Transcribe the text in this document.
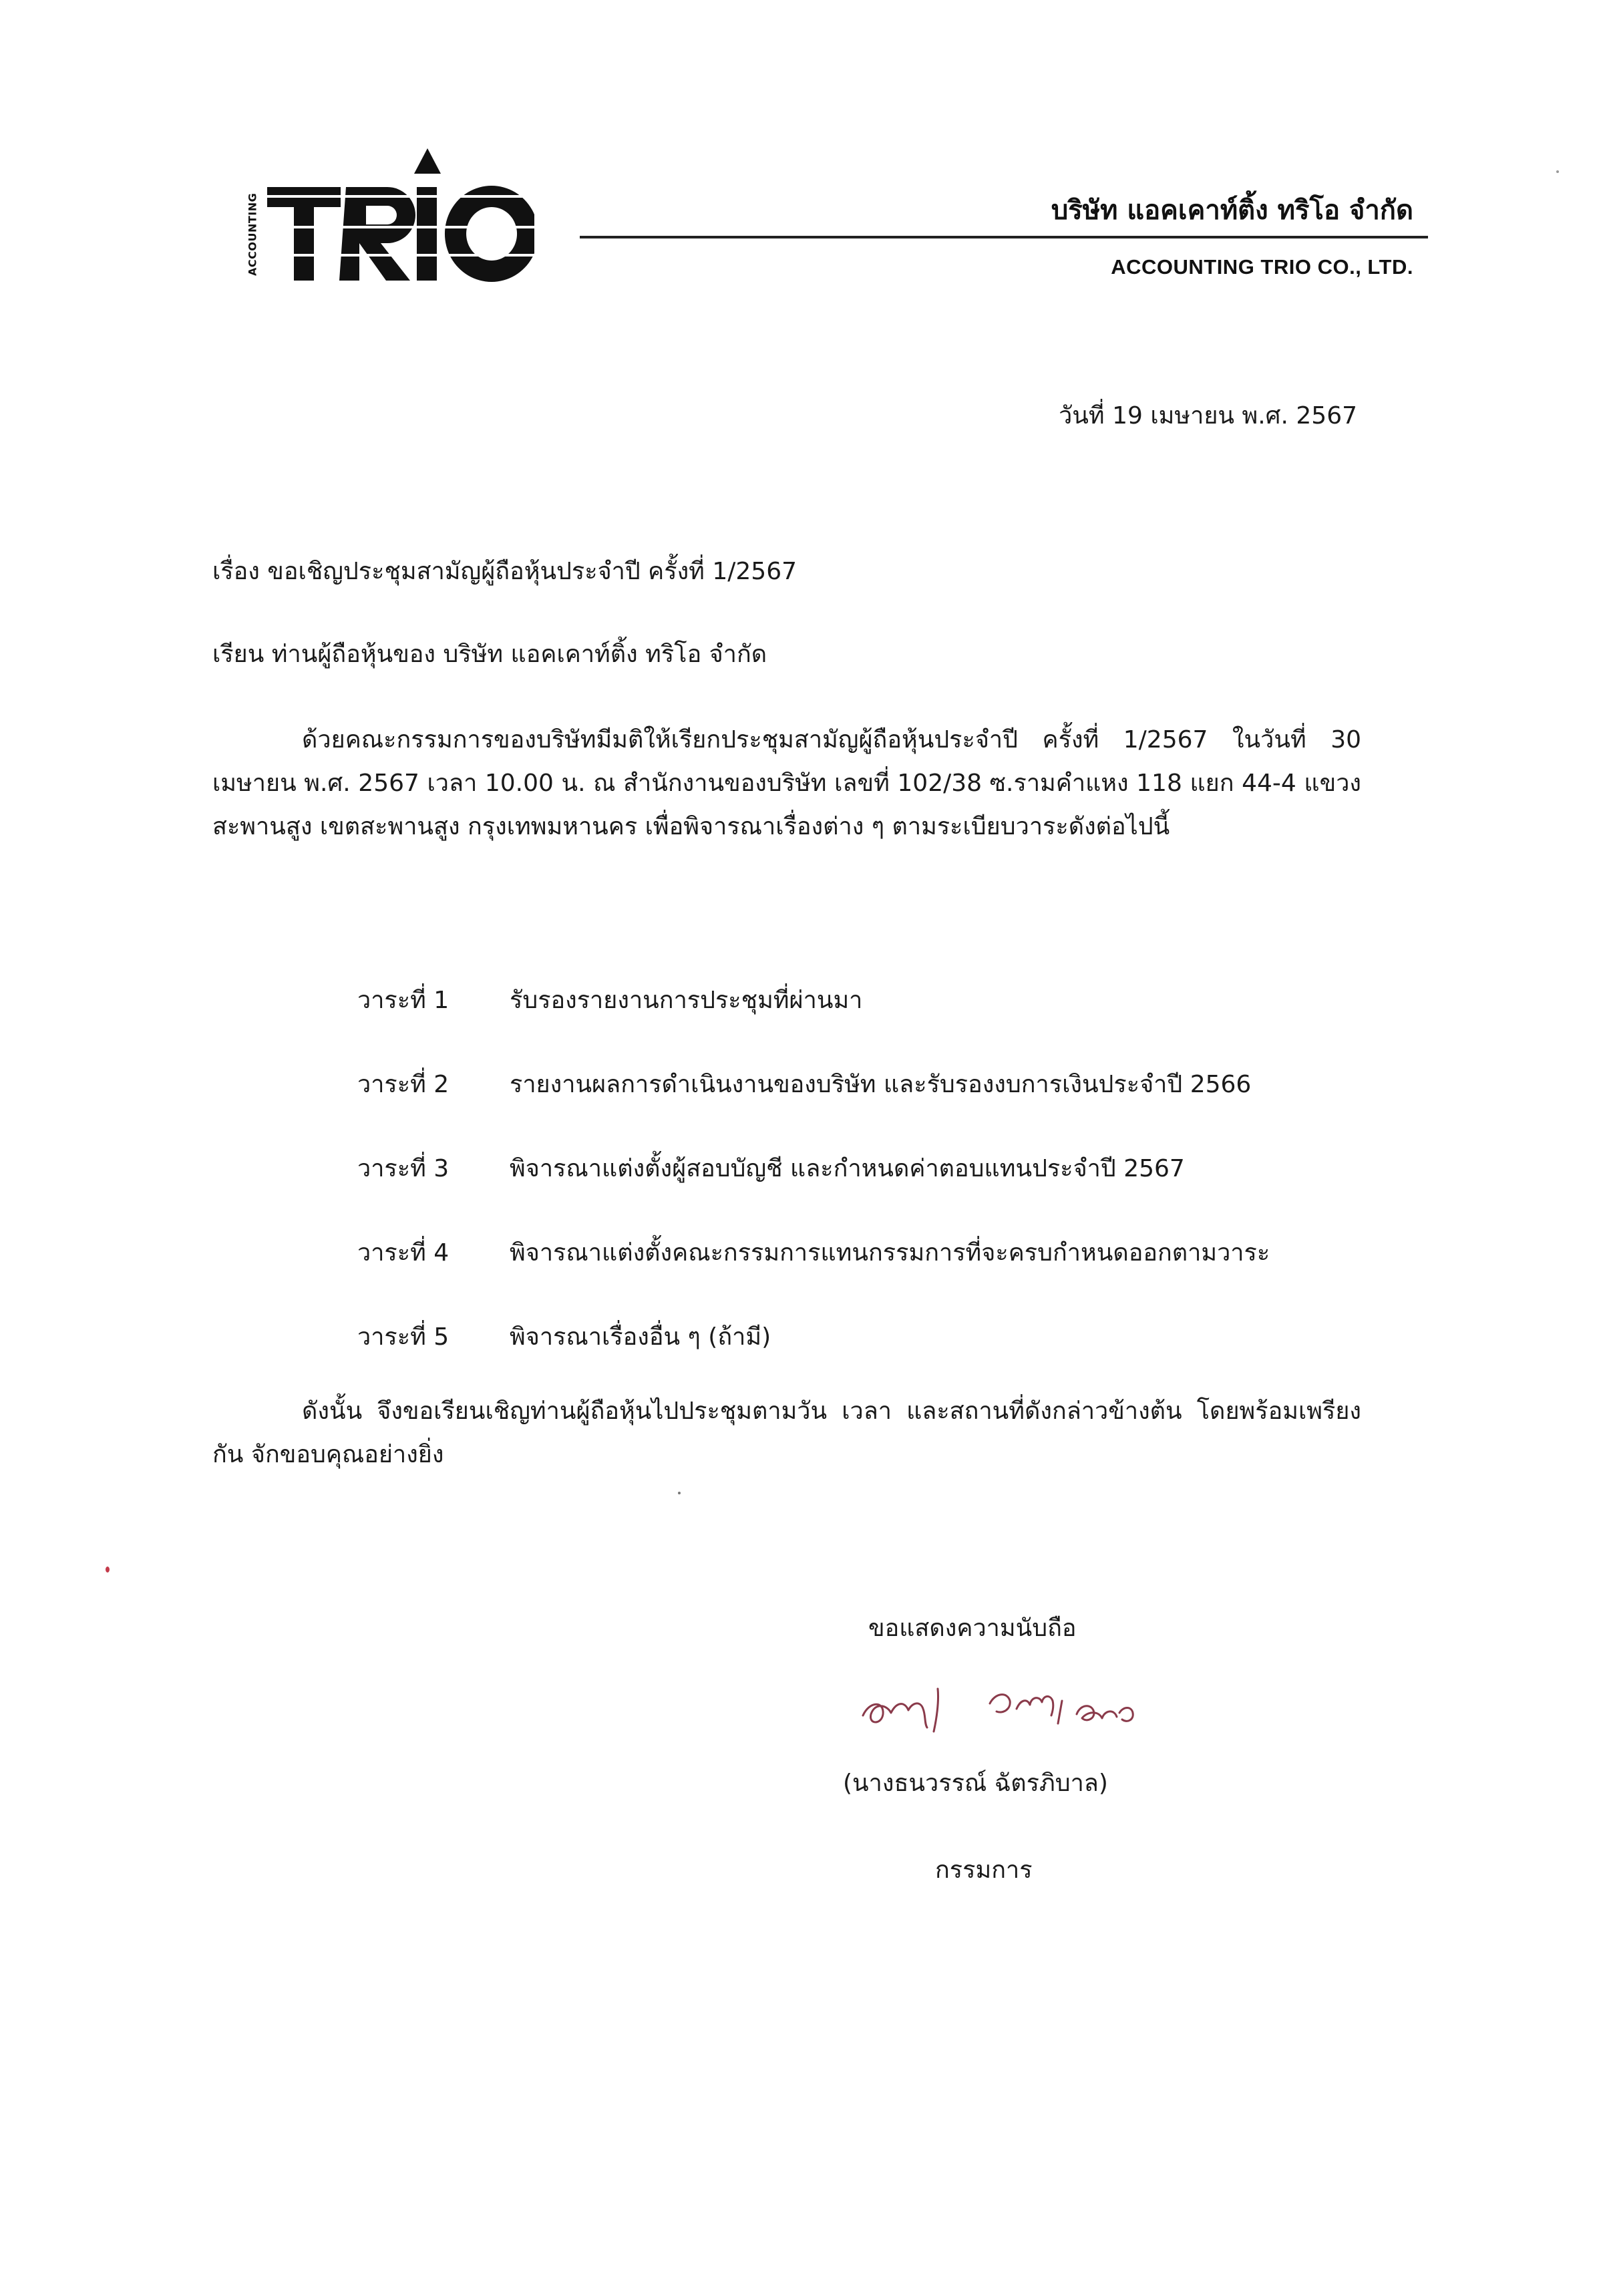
ACCOUNTING	บริษัท แอคเคาท์ติ้ง ทริโอ จำกัด
ACCOUNTING TRIO CO., LTD.
วันที่ 19 เมษายน พ.ศ. 2567
เรื่อง ขอเชิญประชุมสามัญผู้ถือหุ้นประจำปี ครั้งที่ 1/2567
เรียน ท่านผู้ถือหุ้นของ บริษัท แอคเคาท์ติ้ง ทริโอ จำกัด
ด้วยคณะกรรมการของบริษัทมีมติให้เรียกประชุมสามัญผู้ถือหุ้นประจำปี ครั้งที่ 1/2567 ในวันที่ 30 เมษายน พ.ศ. 2567 เวลา 10.00 น. ณ สำนักงานของบริษัท เลขที่ 102/38 ซ.รามคำแหง 118 แยก 44-4 แขวงสะพานสูง เขตสะพานสูง กรุงเทพมหานคร เพื่อพิจารณาเรื่องต่าง ๆ ตามระเบียบวาระดังต่อไปนี้
วาระที่ 1	รับรองรายงานการประชุมที่ผ่านมา
วาระที่ 2	รายงานผลการดำเนินงานของบริษัท และรับรองงบการเงินประจำปี 2566
วาระที่ 3	พิจารณาแต่งตั้งผู้สอบบัญชี และกำหนดค่าตอบแทนประจำปี 2567
วาระที่ 4	พิจารณาแต่งตั้งคณะกรรมการแทนกรรมการที่จะครบกำหนดออกตามวาระ
วาระที่ 5	พิจารณาเรื่องอื่น ๆ (ถ้ามี)
ดังนั้น จึงขอเรียนเชิญท่านผู้ถือหุ้นไปประชุมตามวัน เวลา และสถานที่ดังกล่าวข้างต้น โดยพร้อมเพรียงกัน จักขอบคุณอย่างยิ่ง
ขอแสดงความนับถือ
(นางธนวรรณ์ ฉัตรภิบาล)
กรรมการ
